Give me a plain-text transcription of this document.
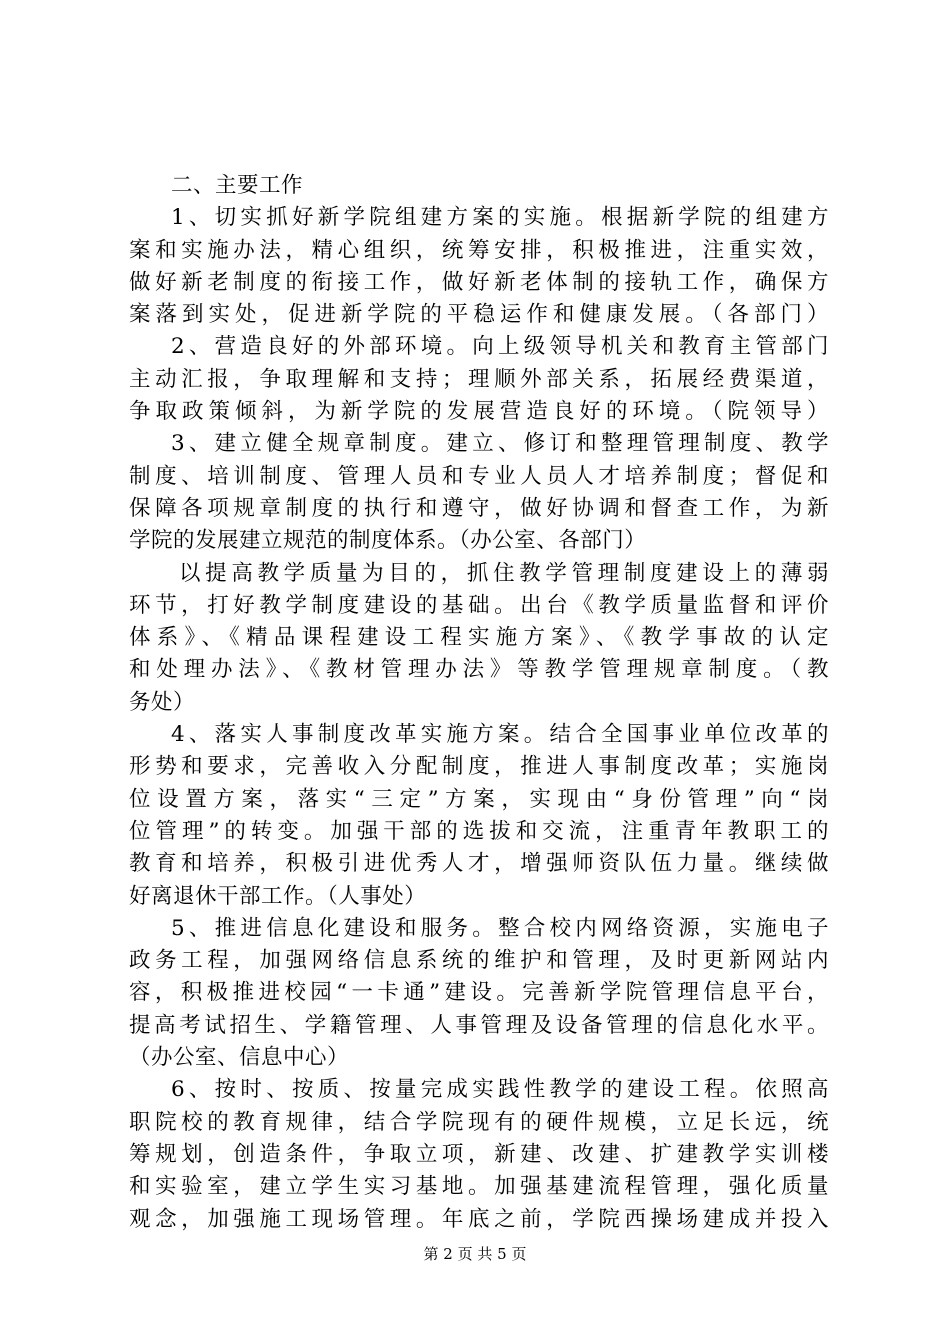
二、主要工作
1、切实抓好新学院组建方案的实施。根据新学院的组建方
案和实施办法，精心组织，统筹安排，积极推进，注重实效，
做好新老制度的衔接工作，做好新老体制的接轨工作，确保方
案落到实处，促进新学院的平稳运作和健康发展。（各部门）
2、营造良好的外部环境。向上级领导机关和教育主管部门
主动汇报，争取理解和支持；理顺外部关系，拓展经费渠道，
争取政策倾斜，为新学院的发展营造良好的环境。（院领导）
3、建立健全规章制度。建立、修订和整理管理制度、教学
制度、培训制度、管理人员和专业人员人才培养制度；督促和
保障各项规章制度的执行和遵守，做好协调和督查工作，为新
学院的发展建立规范的制度体系。（办公室、各部门）
以提高教学质量为目的，抓住教学管理制度建设上的薄弱
环节，打好教学制度建设的基础。出台《教学质量监督和评价
体系》、《精品课程建设工程实施方案》、《教学事故的认定
和处理办法》、《教材管理办法》等教学管理规章制度。（教
务处）
4、落实人事制度改革实施方案。结合全国事业单位改革的
形势和要求，完善收入分配制度，推进人事制度改革；实施岗
位设置方案，落实“三定”方案，实现由“身份管理”向“岗
位管理”的转变。加强干部的选拔和交流，注重青年教职工的
教育和培养，积极引进优秀人才，增强师资队伍力量。继续做
好离退休干部工作。（人事处）
5、推进信息化建设和服务。整合校内网络资源，实施电子
政务工程，加强网络信息系统的维护和管理，及时更新网站内
容，积极推进校园“一卡通”建设。完善新学院管理信息平台，
提高考试招生、学籍管理、人事管理及设备管理的信息化水平。
（办公室、信息中心）
6、按时、按质、按量完成实践性教学的建设工程。依照高
职院校的教育规律，结合学院现有的硬件规模，立足长远，统
筹规划，创造条件，争取立项，新建、改建、扩建教学实训楼
和实验室，建立学生实习基地。加强基建流程管理，强化质量
观念，加强施工现场管理。年底之前，学院西操场建成并投入
第 2 页 共 5 页
